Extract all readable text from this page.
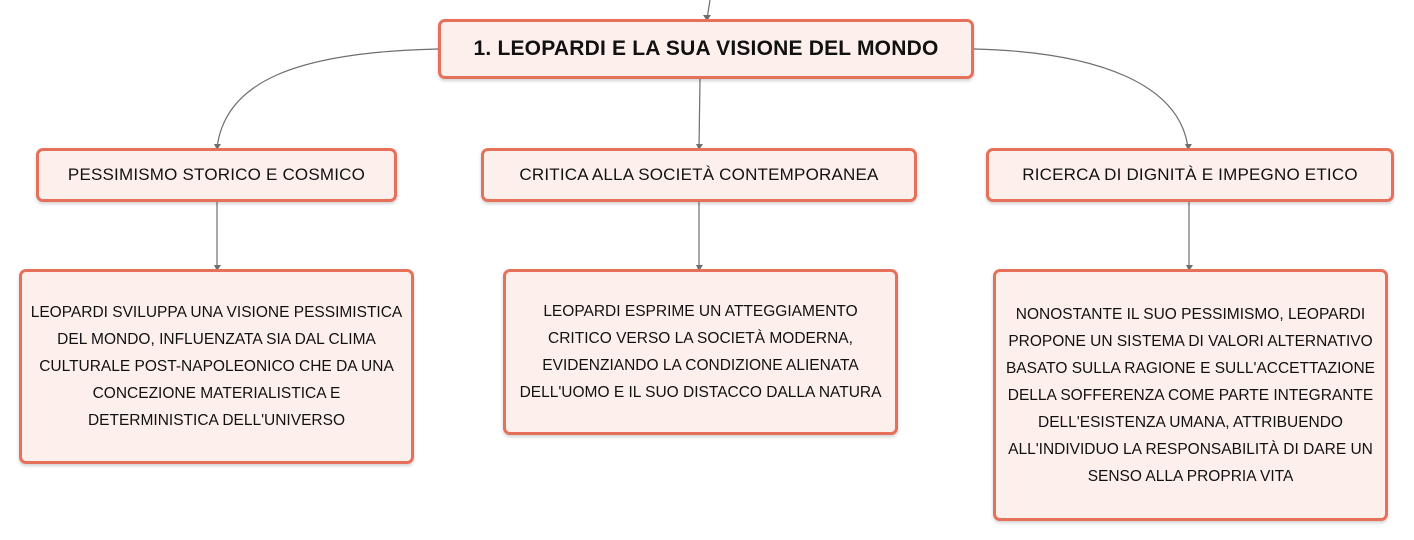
1. LEOPARDI E LA SUA VISIONE DEL MONDO
PESSIMISMO STORICO E COSMICO	CRITICA ALLA SOCIETÀ CONTEMPORANEA	RICERCA DI DIGNITÀ E IMPEGNO ETICO
LEOPARDI SVILUPPA UNA VISIONE PESSIMISTICA DEL MONDO, INFLUENZATA SIA DAL CLIMA CULTURALE POST-NAPOLEONICO CHE DA UNA CONCEZIONE MATERIALISTICA E DETERMINISTICA DELL'UNIVERSO
LEOPARDI ESPRIME UN ATTEGGIAMENTO CRITICO VERSO LA SOCIETÀ MODERNA, EVIDENZIANDO LA CONDIZIONE ALIENATA DELL'UOMO E IL SUO DISTACCO DALLA NATURA
NONOSTANTE IL SUO PESSIMISMO, LEOPARDI PROPONE UN SISTEMA DI VALORI ALTERNATIVO BASATO SULLA RAGIONE E SULL'ACCETTAZIONE DELLA SOFFERENZA COME PARTE INTEGRANTE DELL'ESISTENZA UMANA, ATTRIBUENDO ALL'INDIVIDUO LA RESPONSABILITÀ DI DARE UN SENSO ALLA PROPRIA VITA
